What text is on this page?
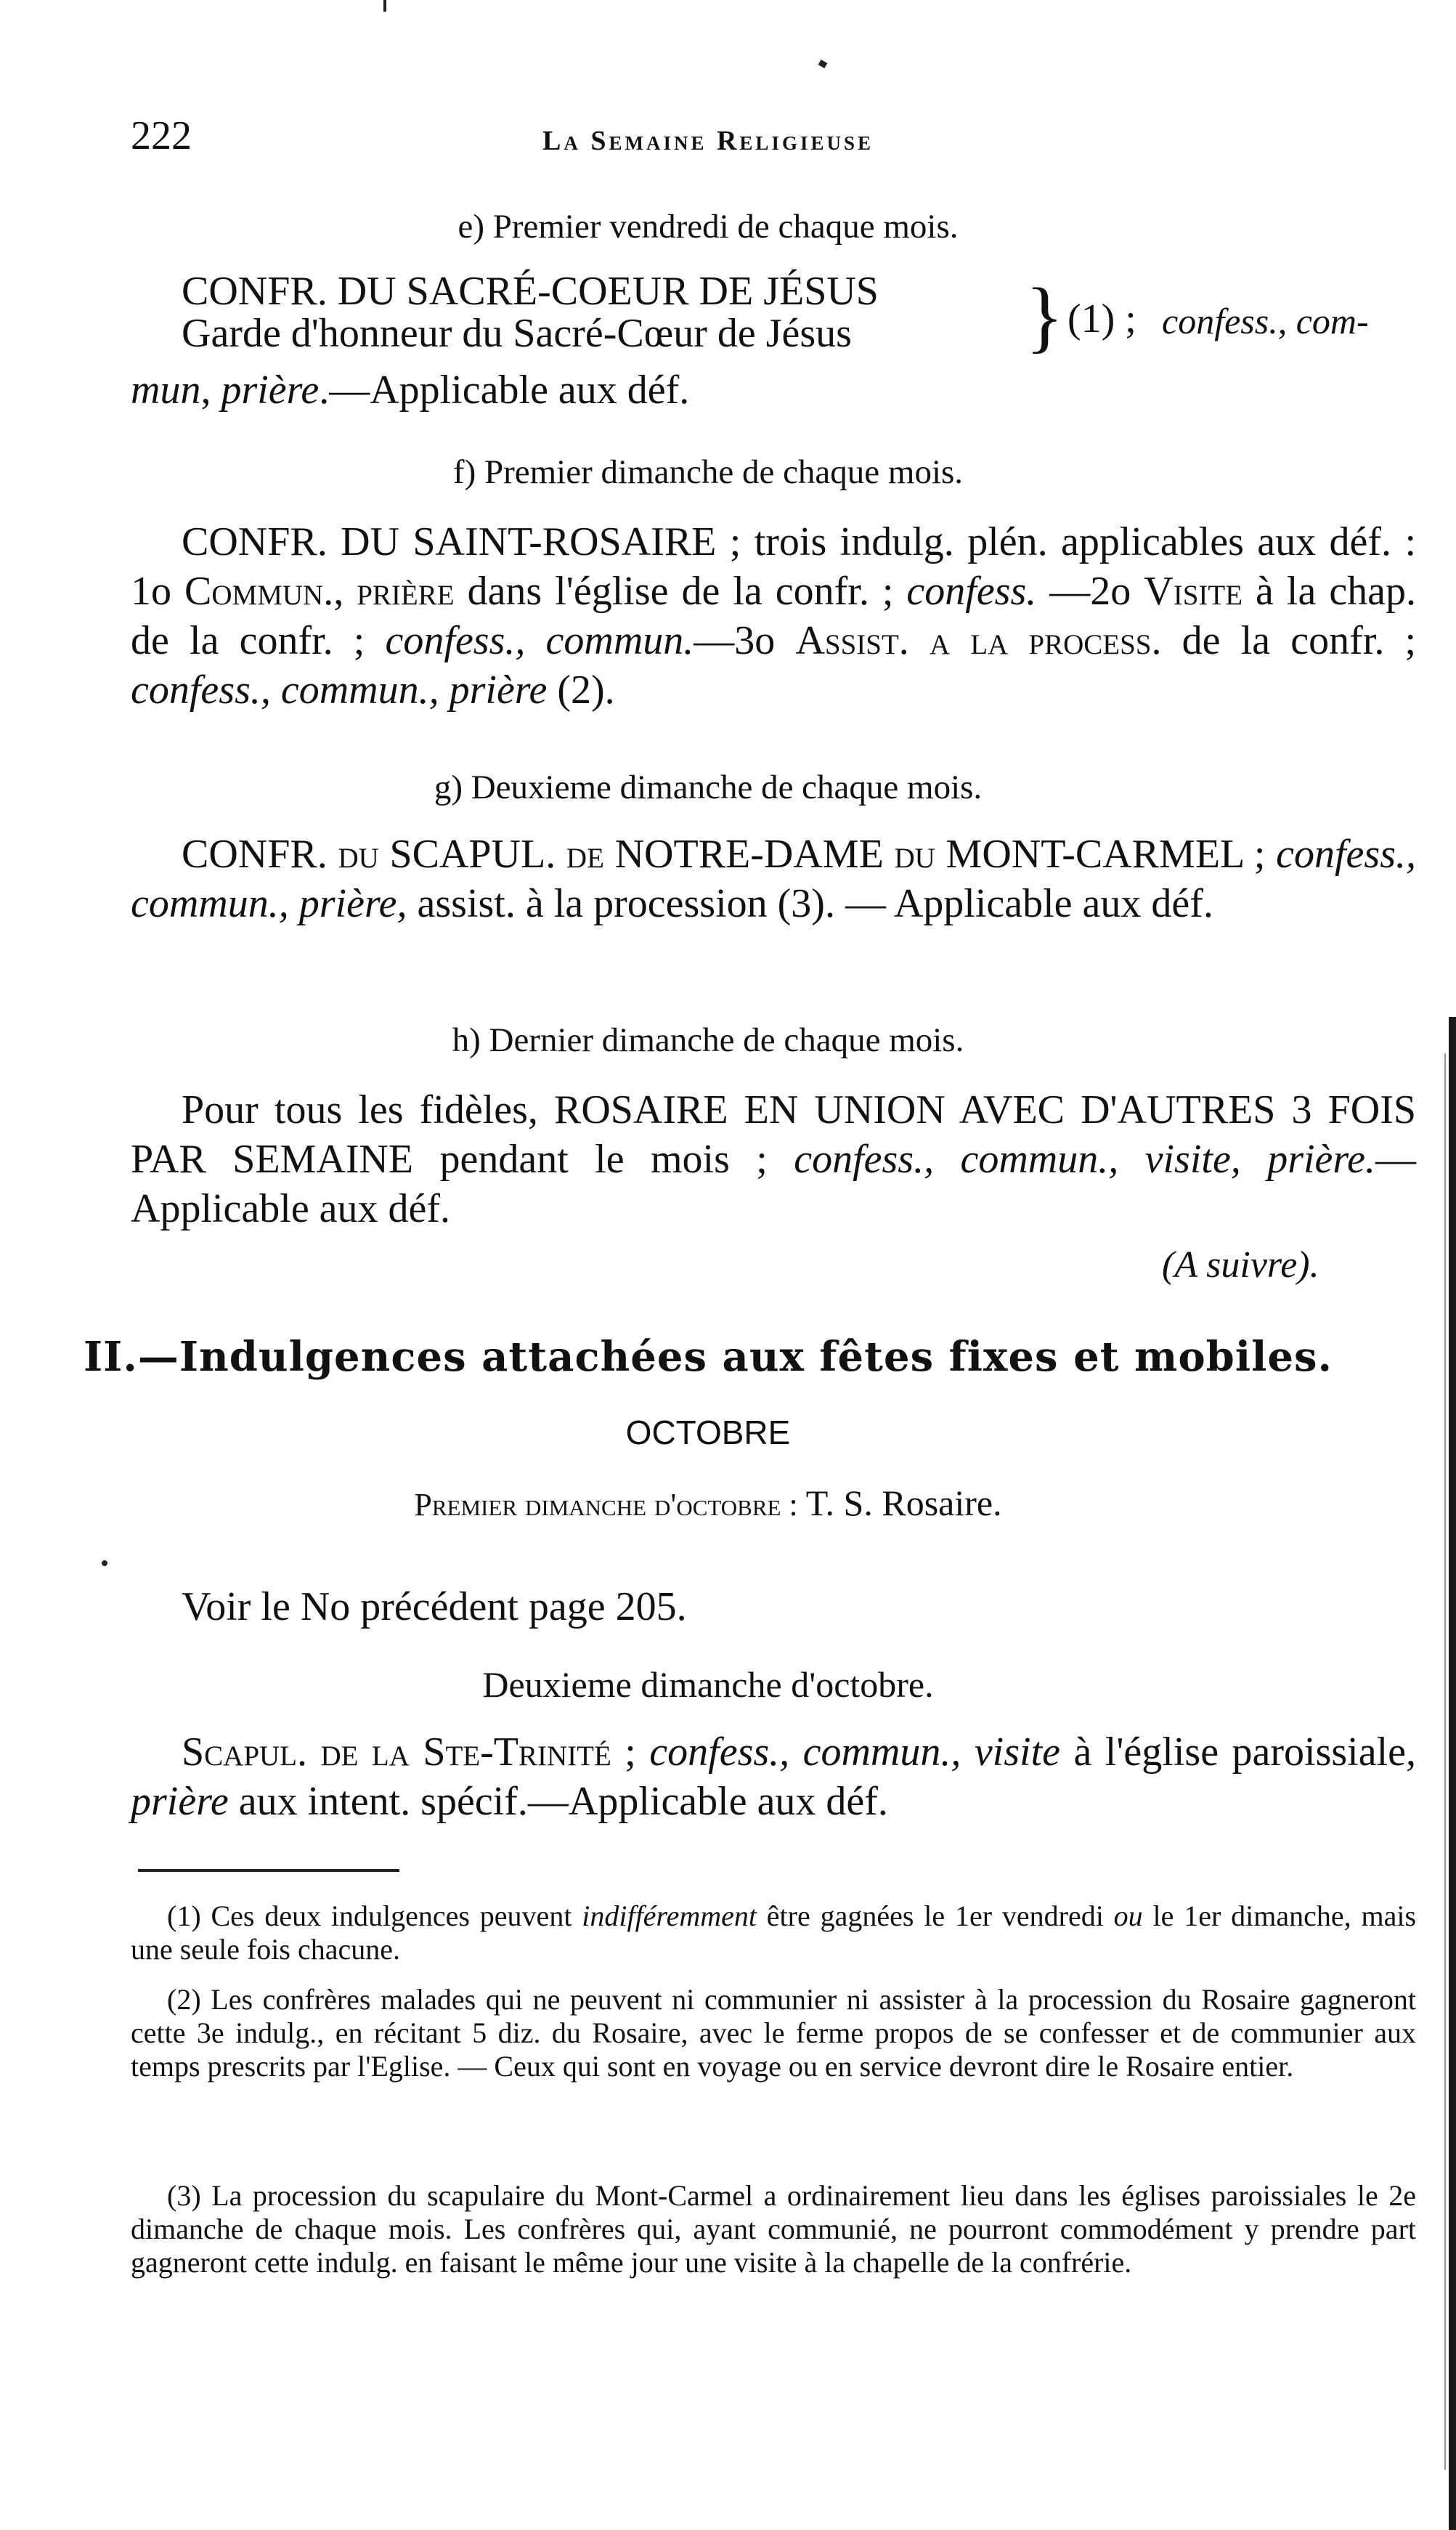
222	La Semaine Religieuse
e) Premier vendredi de chaque mois.
CONFR. DU SACRÉ-COEUR DE JÉSUS
Garde d'honneur du Sacré-Cœur de Jésus	} (1) ; confess., com-
mun, prière.—Applicable aux déf.
f) Premier dimanche de chaque mois.
CONFR. DU SAINT-ROSAIRE ; trois indulg. plén. applicables aux déf. : 1o Commun., prière dans l'église de la confr. ; confess. —2o Visite à la chap. de la confr. ; confess., commun.—3o Assist. a la process. de la confr. ; confess., commun., prière (2).
g) Deuxieme dimanche de chaque mois.
CONFR. du SCAPUL. de NOTRE-DAME du MONT-CARMEL ; confess., commun., prière, assist. à la procession (3). — Applicable aux déf.
h) Dernier dimanche de chaque mois.
Pour tous les fidèles, ROSAIRE EN UNION AVEC D'AUTRES 3 FOIS PAR SEMAINE pendant le mois ; confess., commun., visite, prière.—Applicable aux déf.
(A suivre).
II.—Indulgences attachées aux fêtes fixes et mobiles.
OCTOBRE
Premier dimanche d'octobre : T. S. Rosaire.
Voir le No précédent page 205.
Deuxieme dimanche d'octobre.
Scapul. de la Ste-Trinité ; confess., commun., visite à l'église paroissiale, prière aux intent. spécif.—Applicable aux déf.
(1) Ces deux indulgences peuvent indifféremment être gagnées le 1er vendredi ou le 1er dimanche, mais une seule fois chacune.
(2) Les confrères malades qui ne peuvent ni communier ni assister à la procession du Rosaire gagneront cette 3e indulg., en récitant 5 diz. du Rosaire, avec le ferme propos de se confesser et de communier aux temps prescrits par l'Eglise. — Ceux qui sont en voyage ou en service devront dire le Rosaire entier.
(3) La procession du scapulaire du Mont-Carmel a ordinairement lieu dans les églises paroissiales le 2e dimanche de chaque mois. Les confrères qui, ayant communié, ne pourront commodément y prendre part gagneront cette indulg. en faisant le même jour une visite à la chapelle de la confrérie.
